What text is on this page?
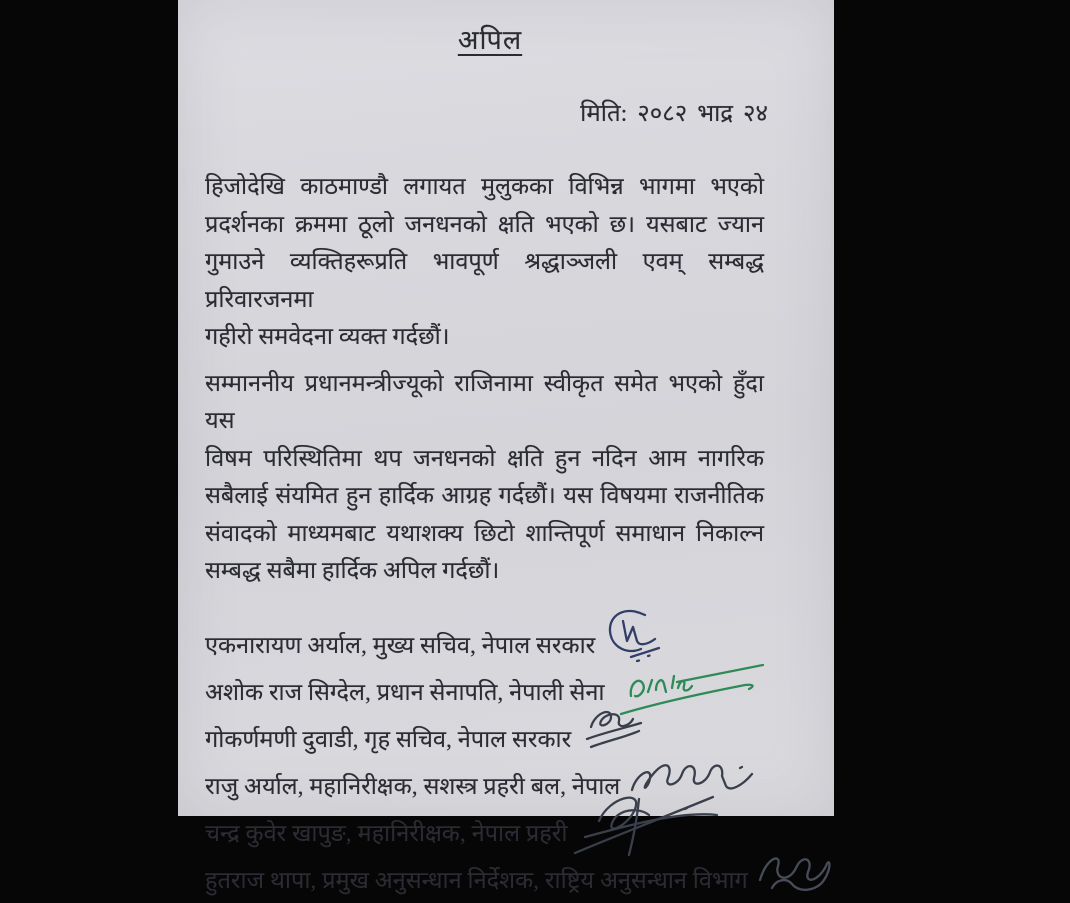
अपिल
मिति: २०८२ भाद्र २४
हिजोदेखि काठमाण्डौ लगायत मुलुकका विभिन्न भागमा भएको
प्रदर्शनका क्रममा ठूलो जनधनको क्षति भएको छ। यसबाट ज्यान
गुमाउने व्यक्तिहरूप्रति भावपूर्ण श्रद्धाञ्जली एवम् सम्बद्ध प्ररिवारजनमा
गहीरो समवेदना व्यक्त गर्दछौं।
सम्माननीय प्रधानमन्त्रीज्यूको राजिनामा स्वीकृत समेत भएको हुँदा यस
विषम परिस्थितिमा थप जनधनको क्षति हुन नदिन आम नागरिक
सबैलाई संयमित हुन हार्दिक आग्रह गर्दछौं। यस विषयमा राजनीतिक
संवादको माध्यमबाट यथाशक्य छिटो शान्तिपूर्ण समाधान निकाल्न
सम्बद्ध सबैमा हार्दिक अपिल गर्दछौं।
एकनारायण अर्याल, मुख्य सचिव, नेपाल सरकार
अशोक राज सिग्देल, प्रधान सेनापति, नेपाली सेना
गोकर्णमणी दुवाडी, गृह सचिव, नेपाल सरकार
राजु अर्याल, महानिरीक्षक, सशस्त्र प्रहरी बल, नेपाल
चन्द्र कुवेर खापुङ, महानिरीक्षक, नेपाल प्रहरी
हुतराज थापा, प्रमुख अनुसन्धान निर्देशक, राष्ट्रिय अनुसन्धान विभाग
